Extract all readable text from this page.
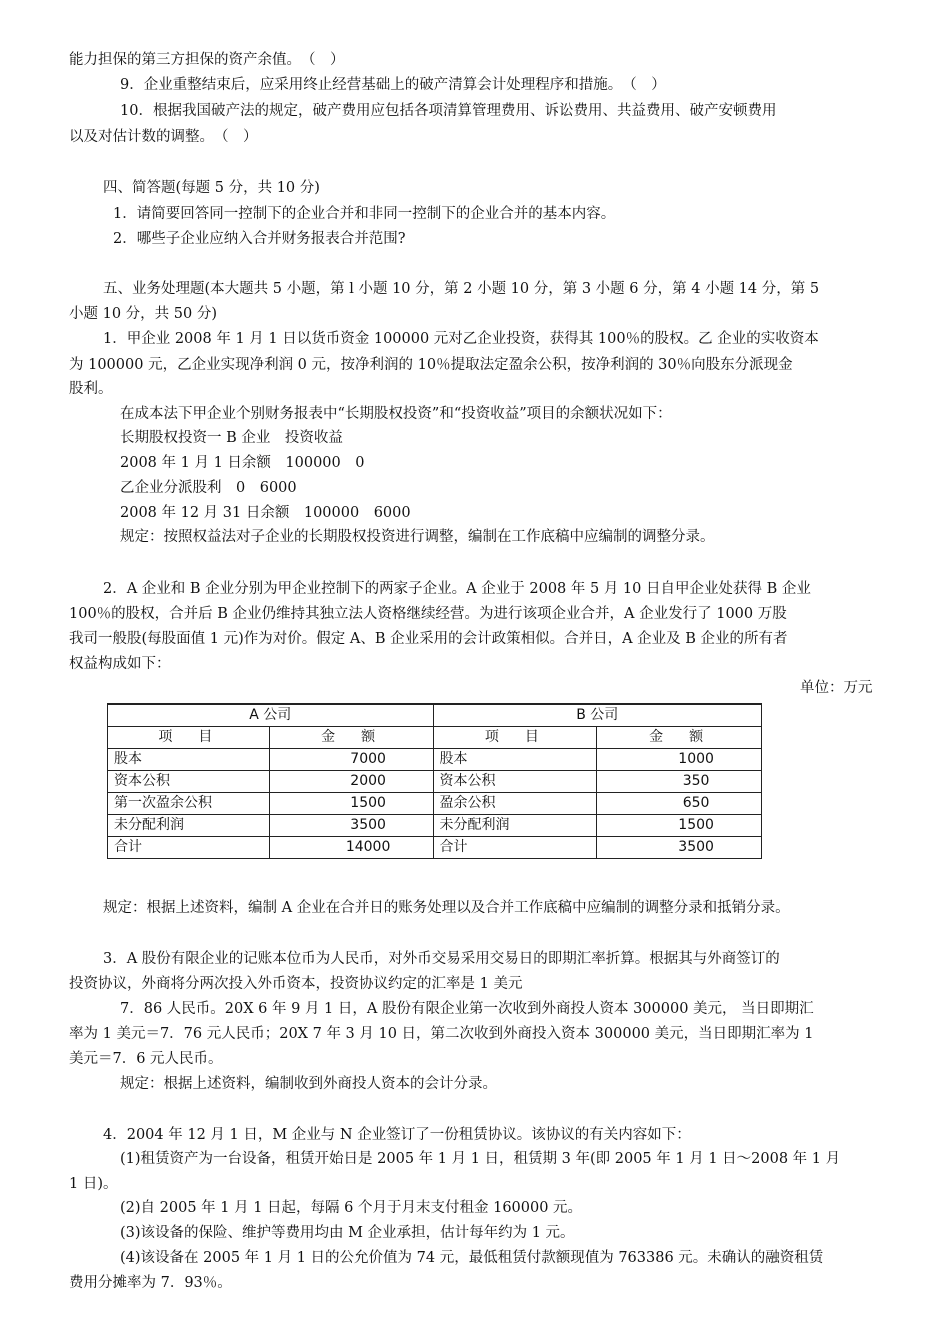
能力担保的第三方担保的资产余值。　（　）
9．企业重整结束后，应采用终止经营基础上的破产清算会计处理程序和措施。　（　）
10．根据我国破产法的规定，破产费用应包括各项清算管理费用、诉讼费用、共益费用、破产安顿费用
以及对估计数的调整。　（　）
四、简答题(每题 5 分，共 10 分)
1．请简要回答同一控制下的企业合并和非同一控制下的企业合并的基本内容。
2．哪些子企业应纳入合并财务报表合并范围?
五、业务处理题(本大题共 5 小题，第 l 小题 10 分，第 2 小题 10 分，第 3 小题 6 分，第 4 小题 14 分，第 5
小题 10 分，共 50 分)
1．甲企业 2008 年 1 月 1 日以货币资金 100000 元对乙企业投资，获得其 100％的股权。乙 企业的实收资本
为 100000 元，乙企业实现净利润 0 元，按净利润的 10％提取法定盈余公积，按净利润的 30％向股东分派现金
股利。
在成本法下甲企业个别财务报表中“长期股权投资”和“投资收益”项目的余额状况如下：
长期股权投资一 B 企业　投资收益
2008 年 1 月 1 日余额　100000　0
乙企业分派股利　0　6000
2008 年 12 月 31 日余额　100000　6000
规定：按照权益法对子企业的长期股权投资进行调整，编制在工作底稿中应编制的调整分录。
2．A 企业和 B 企业分别为甲企业控制下的两家子企业。A 企业于 2008 年 5 月 10 日自甲企业处获得 B 企业
100％的股权，合并后 B 企业仍维持其独立法人资格继续经营。为进行该项企业合并，A 企业发行了 1000 万股
我司一般股(每股面值 1 元)作为对价。假定 A、B 企业采用的会计政策相似。合并日，A 企业及 B 企业的所有者
权益构成如下：
单位：万元
A 公司		B 公司	
项　目	金　额	项　目	金　额
股本	7000	股本	1000
资本公积	2000	资本公积	350
第一次盈余公积	1500	盈余公积	650
未分配利润	3500	未分配利润	1500
合计	14000	合计	3500
规定：根据上述资料，编制 A 企业在合并日的账务处理以及合并工作底稿中应编制的调整分录和抵销分录。
3．A 股份有限企业的记账本位币为人民币，对外币交易采用交易日的即期汇率折算。根据其与外商签订的
投资协议，外商将分两次投入外币资本，投资协议约定的汇率是 1 美元
7．86 人民币。20X 6 年 9 月 1 日，A 股份有限企业第一次收到外商投人资本 300000 美元， 当日即期汇
率为 1 美元＝7．76 元人民币；20X 7 年 3 月 10 日，第二次收到外商投入资本 300000 美元，当日即期汇率为 1
美元＝7．6 元人民币。
规定：根据上述资料，编制收到外商投人资本的会计分录。
4．2004 年 12 月 1 日，M 企业与 N 企业签订了一份租赁协议。该协议的有关内容如下：
(1)租赁资产为一台设备，租赁开始日是 2005 年 1 月 1 日，租赁期 3 年(即 2005 年 1 月 1 日～2008 年 1 月
1 日)。
(2)自 2005 年 1 月 1 日起，每隔 6 个月于月末支付租金 160000 元。
(3)该设备的保险、维护等费用均由 M 企业承担，估计每年约为 1 元。
(4)该设备在 2005 年 1 月 1 日的公允价值为 74 元，最低租赁付款额现值为 763386 元。未确认的融资租赁
费用分摊率为 7．93％。
